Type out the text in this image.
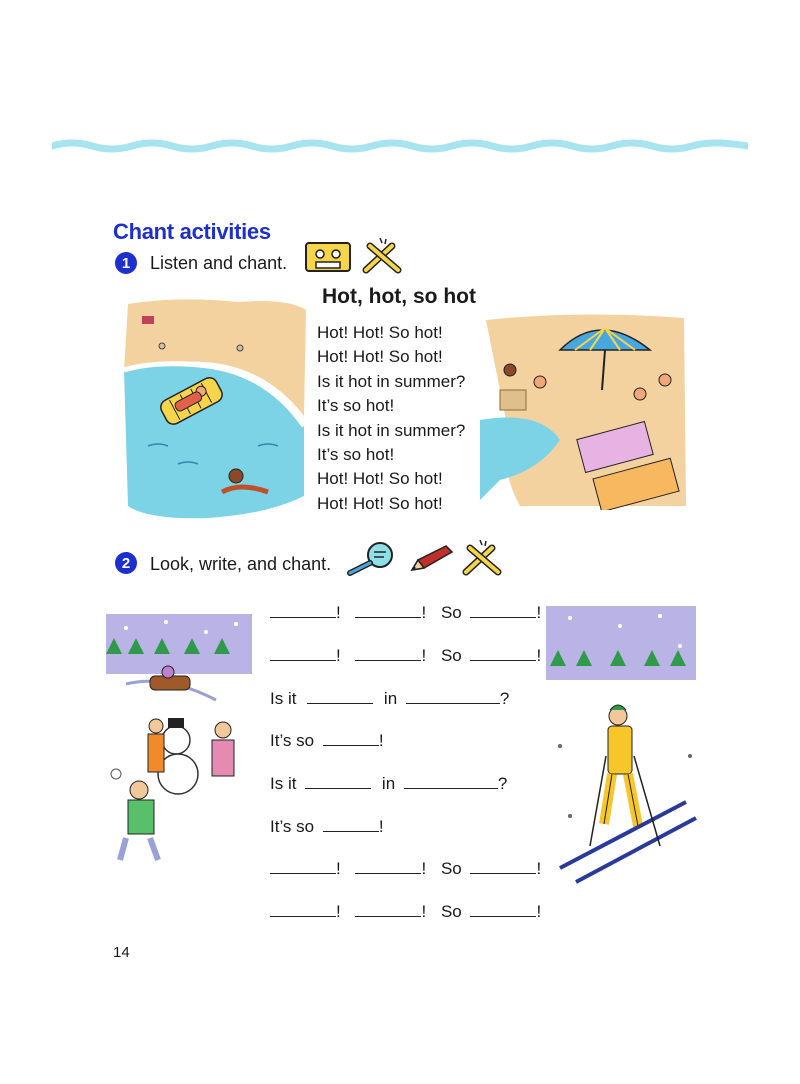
Chant activities
1	Listen and chant.
Hot, hot, so hot
Hot! Hot! So hot!
Hot! Hot! So hot!
Is it hot in summer?
It’s so hot!
Is it hot in summer?
It’s so hot!
Hot! Hot! So hot!
Hot! Hot! So hot!
2	Look, write, and chant.
!	! So	!
!	! So	!
Is it	in	?
It’s so	!
Is it	in	?
It’s so	!
!	! So	!
!	! So	!
14
